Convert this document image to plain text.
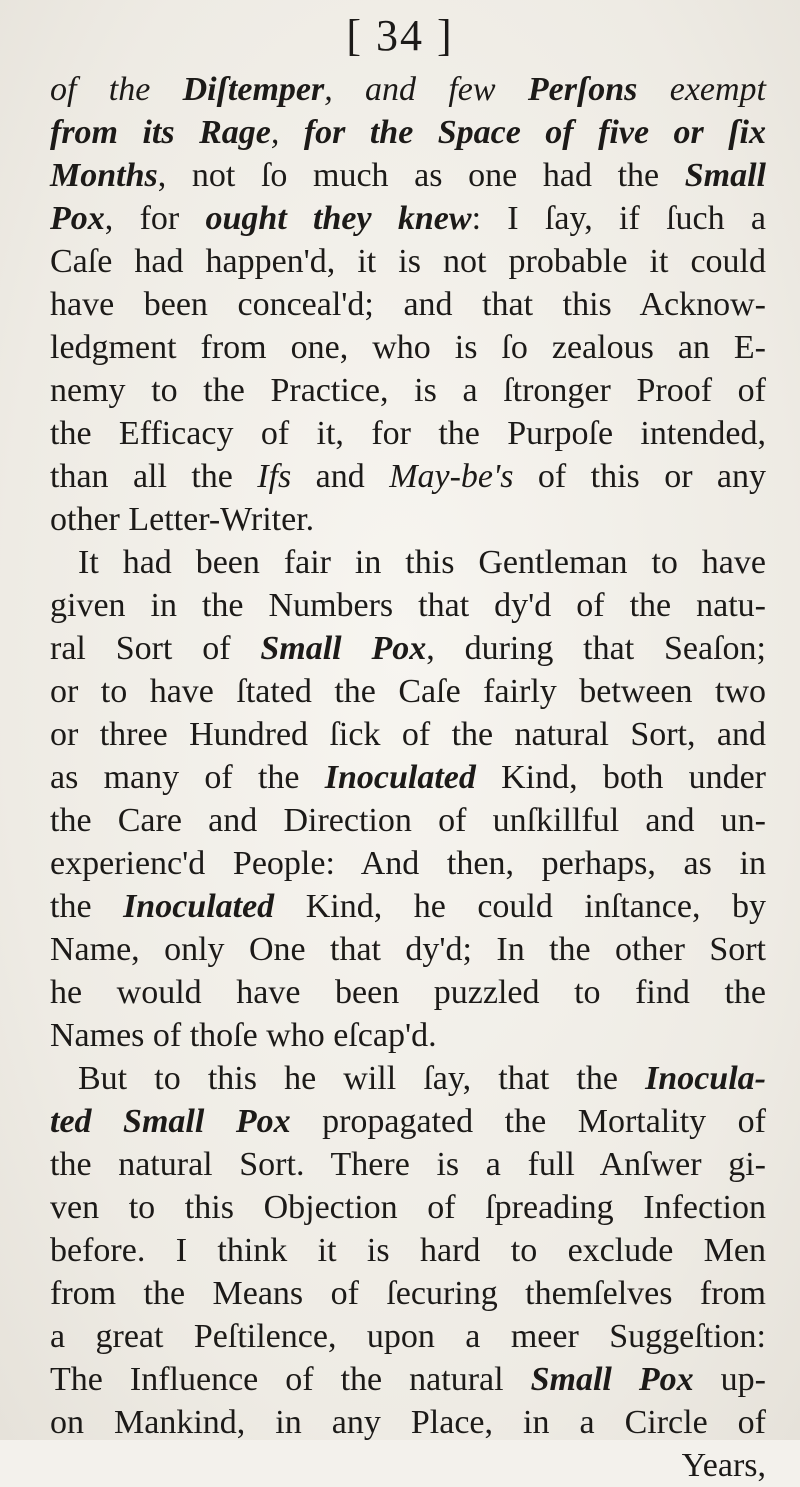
[ 34 ]
of the Diſtemper, and few Perſons exempt
from its Rage, for the Space of five or ſix
Months, not ſo much as one had the Small
Pox, for ought they knew: I ſay, if ſuch a
Caſe had happen'd, it is not probable it could
have been conceal'd; and that this Acknow-
ledgment from one, who is ſo zealous an E-
nemy to the Practice, is a ſtronger Proof of
the Efficacy of it, for the Purpoſe intended,
than all the Ifs and May-be's of this or any
other Letter-Writer.
It had been fair in this Gentleman to have
given in the Numbers that dy'd of the natu-
ral Sort of Small Pox, during that Seaſon;
or to have ſtated the Caſe fairly between two
or three Hundred ſick of the natural Sort, and
as many of the Inoculated Kind, both under
the Care and Direction of unſkillful and un-
experienc'd People: And then, perhaps, as in
the Inoculated Kind, he could inſtance, by
Name, only One that dy'd; In the other Sort
he would have been puzzled to find the
Names of thoſe who eſcap'd.
But to this he will ſay, that the Inocula-
ted Small Pox propagated the Mortality of
the natural Sort. There is a full Anſwer gi-
ven to this Objection of ſpreading Infection
before. I think it is hard to exclude Men
from the Means of ſecuring themſelves from
a great Peſtilence, upon a meer Suggeſtion:
The Influence of the natural Small Pox up-
on Mankind, in any Place, in a Circle of
Years,
